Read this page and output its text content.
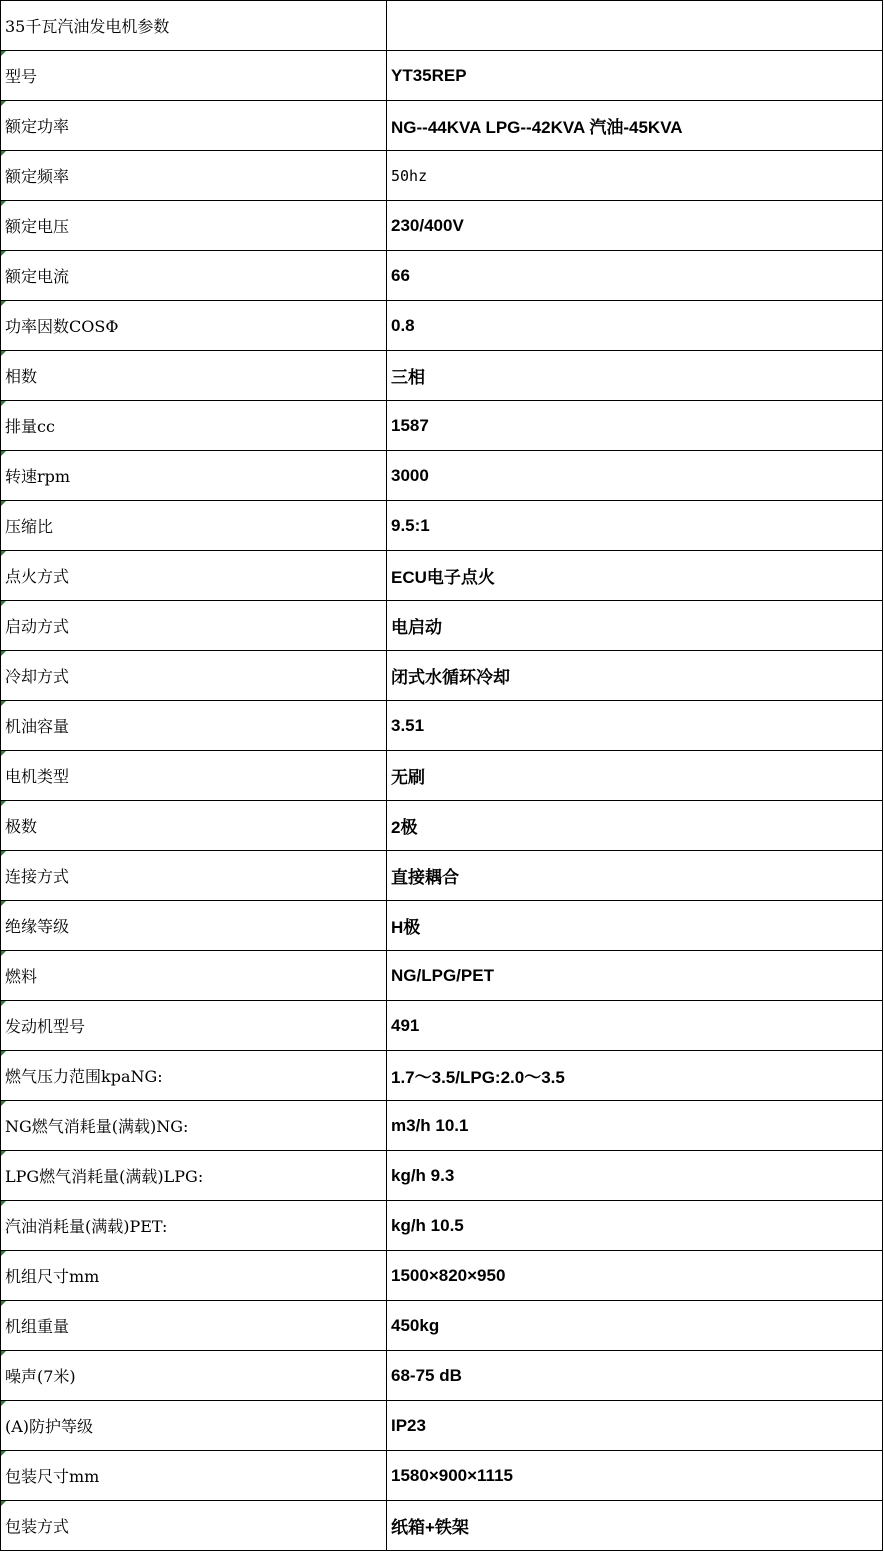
35千瓦汽油发电机参数	
型号	YT35REP
额定功率	NG--44KVA LPG--42KVA 汽油-45KVA
额定频率	50hz
额定电压	230/400V
额定电流	66
功率因数COSΦ	0.8
相数	三相
排量cc	1587
转速rpm	3000
压缩比	9.5:1
点火方式	ECU电子点火
启动方式	电启动
冷却方式	闭式水循环冷却
机油容量	3.51
电机类型	无刷
极数	2极
连接方式	直接耦合
绝缘等级	H极
燃料	NG/LPG/PET
发动机型号	491
燃气压力范围kpaNG:	1.7～3.5/LPG:2.0～3.5
NG燃气消耗量(满载)NG:	m3/h 10.1
LPG燃气消耗量(满载)LPG:	kg/h 9.3
汽油消耗量(满载)PET:	kg/h 10.5
机组尺寸mm	1500×820×950
机组重量	450kg
噪声(7米)	68-75 dB
(A)防护等级	IP23
包装尺寸mm	1580×900×1115
包装方式	纸箱+铁架
